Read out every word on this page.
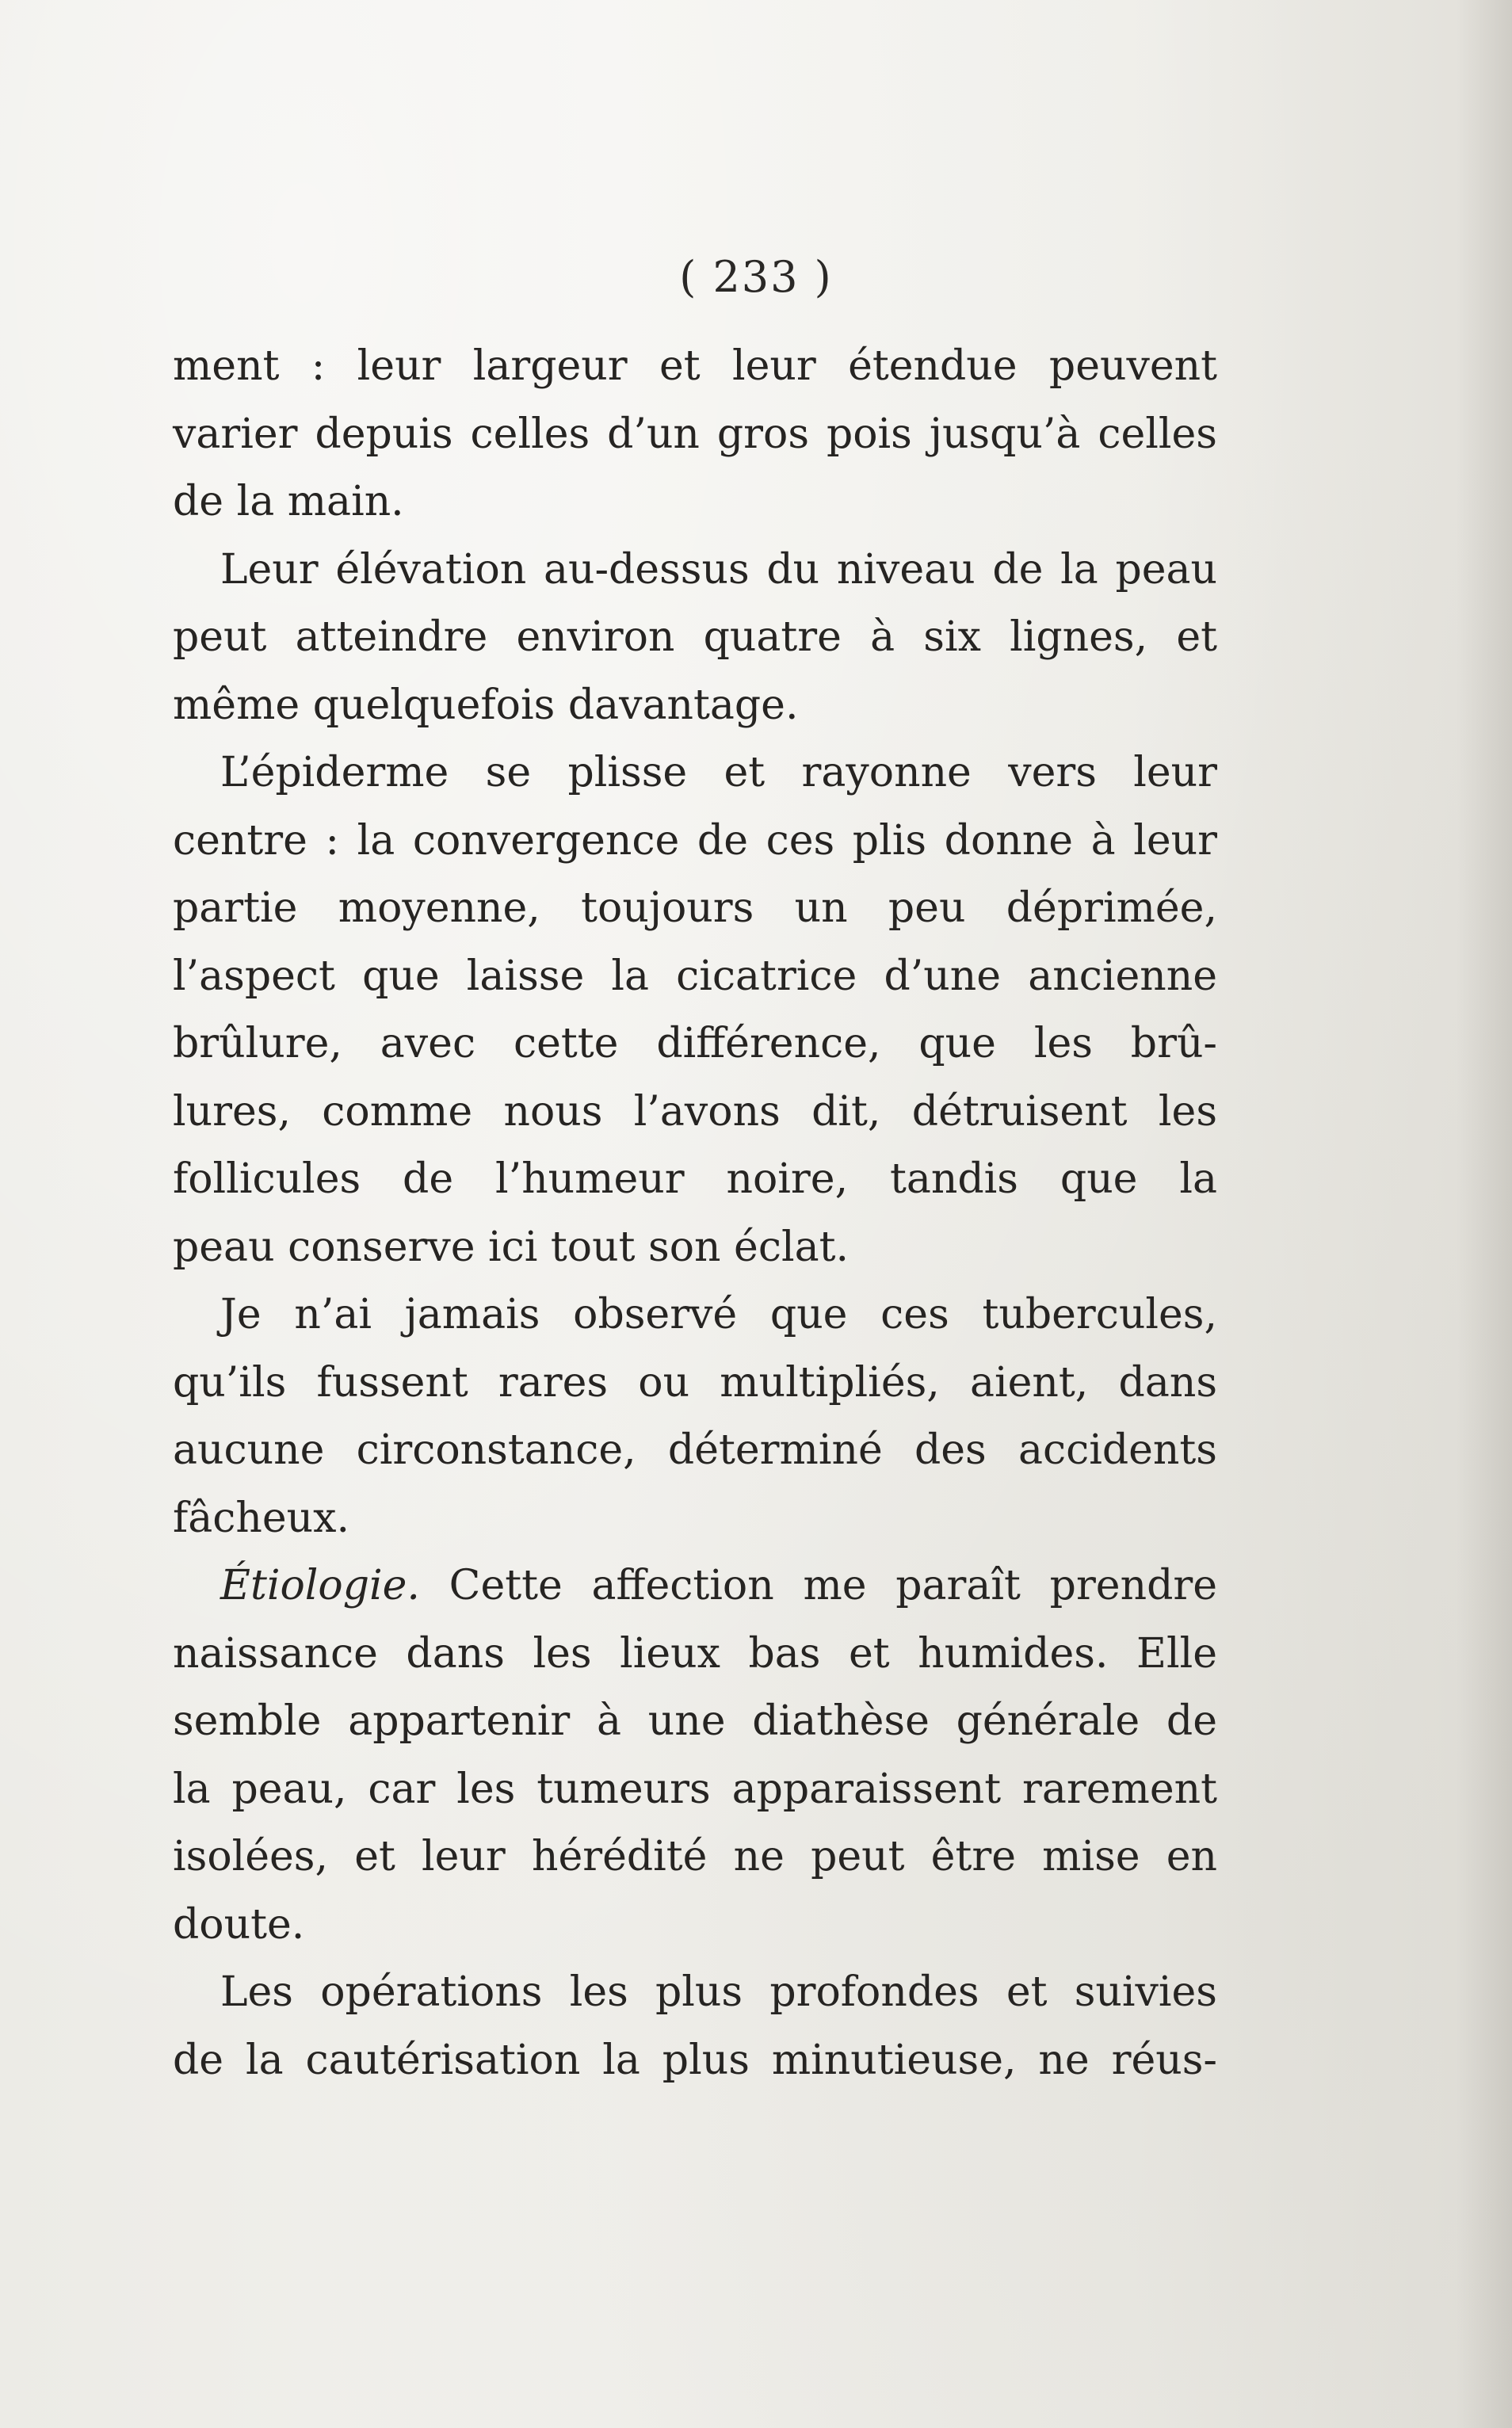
( 233 )
ment : leur largeur et leur étendue peuvent
varier depuis celles d’un gros pois jusqu’à celles
de la main.
Leur élévation au-dessus du niveau de la peau
peut atteindre environ quatre à six lignes, et
même quelquefois davantage.
L’épiderme se plisse et rayonne vers leur
centre : la convergence de ces plis donne à leur
partie moyenne, toujours un peu déprimée,
l’aspect que laisse la cicatrice d’une ancienne
brûlure, avec cette différence, que les brû-
lures, comme nous l’avons dit, détruisent les
follicules de l’humeur noire, tandis que la
peau conserve ici tout son éclat.
Je n’ai jamais observé que ces tubercules,
qu’ils fussent rares ou multipliés, aient, dans
aucune circonstance, déterminé des accidents
fâcheux.
Étiologie. Cette affection me paraît prendre
naissance dans les lieux bas et humides. Elle
semble appartenir à une diathèse générale de
la peau, car les tumeurs apparaissent rarement
isolées, et leur hérédité ne peut être mise en
doute.
Les opérations les plus profondes et suivies
de la cautérisation la plus minutieuse, ne réus-
